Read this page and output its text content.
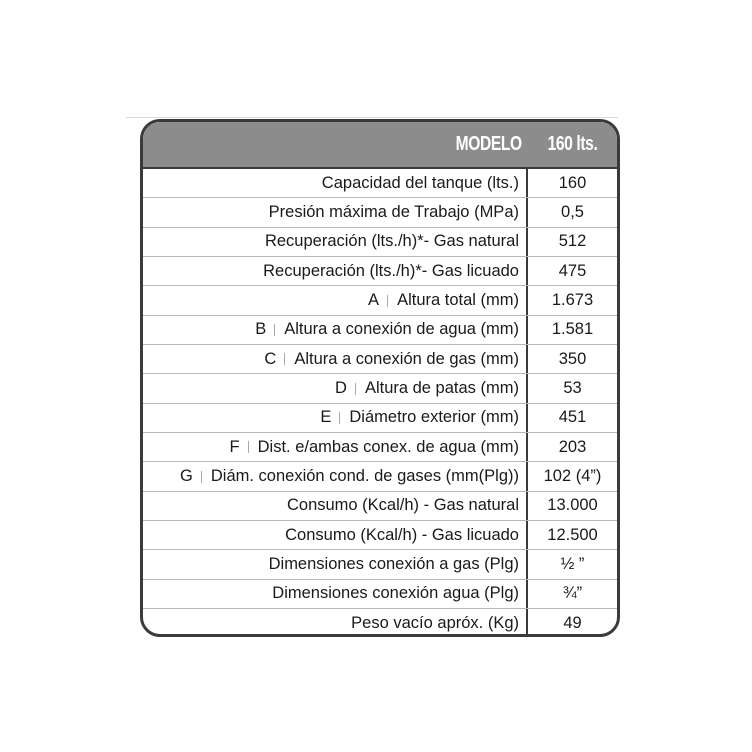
MODELO	160 lts.
Capacidad del tanque (lts.)	160
Presión máxima de Trabajo (MPa)	0,5
Recuperación (lts./h)*- Gas natural	512
Recuperación (lts./h)*- Gas licuado	475
A Altura total (mm)	1.673
B Altura a conexión de agua (mm)	1.581
C Altura a conexión de gas (mm)	350
D Altura de patas (mm)	53
E Diámetro exterior (mm)	451
F Dist. e/ambas conex. de agua (mm)	203
G Diám. conexión cond. de gases (mm(Plg))	102 (4”)
Consumo (Kcal/h) - Gas natural	13.000
Consumo (Kcal/h) - Gas licuado	12.500
Dimensiones conexión a gas (Plg)	½ ”
Dimensiones conexión agua (Plg)	¾”
Peso vacío apróx. (Kg)	49
